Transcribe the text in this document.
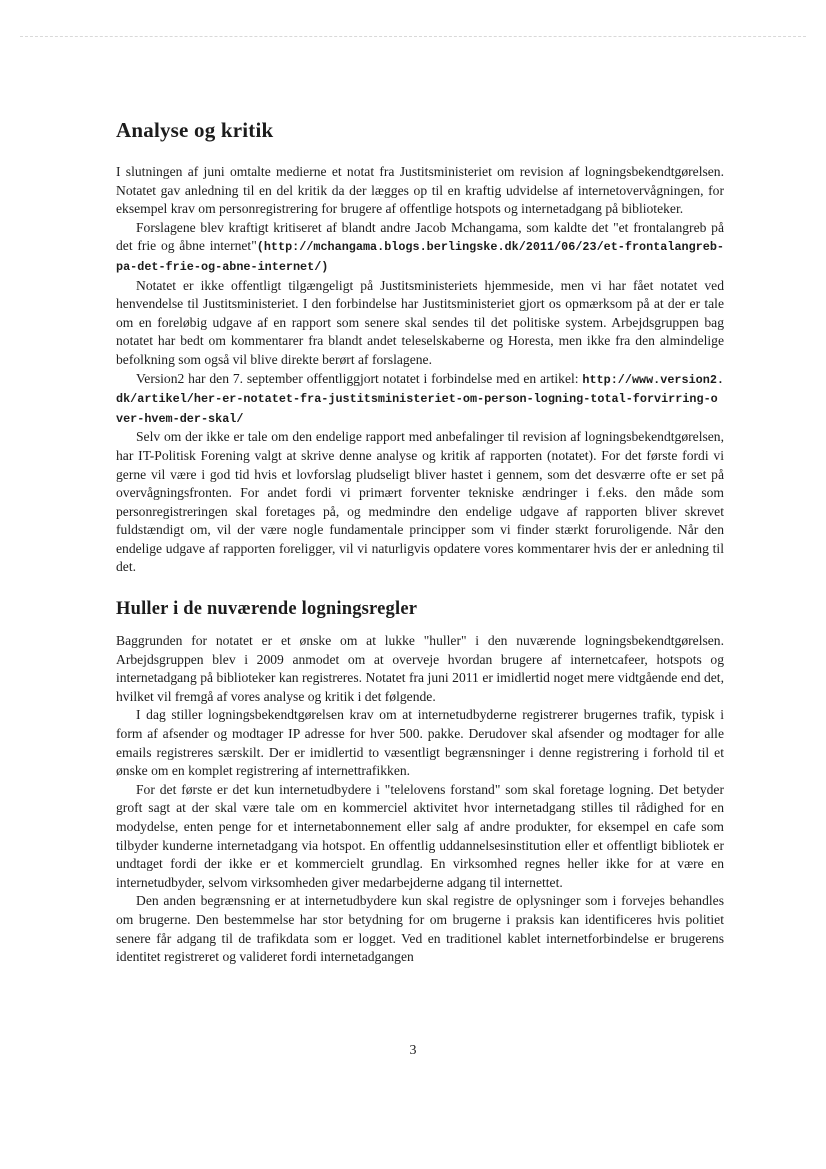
Analyse og kritik

I slutningen af juni omtalte medierne et notat fra Justitsministeriet om revision af logningsbekendtgørelsen. Notatet gav anledning til en del kritik da der lægges op til en kraftig udvidelse af internetovervågningen, for eksempel krav om personregistrering for brugere af offentlige hotspots og internetadgang på biblioteker.

Forslagene blev kraftigt kritiseret af blandt andre Jacob Mchangama, som kaldte det "et frontalangreb på det frie og åbne internet"(http://mchangama.blogs.berlingske.dk/2011/06/23/et-frontalangreb-pa-det-frie-og-abne-internet/)

Notatet er ikke offentligt tilgængeligt på Justitsministeriets hjemmeside, men vi har fået notatet ved henvendelse til Justitsministeriet. I den forbindelse har Justitsministeriet gjort os opmærksom på at der er tale om en foreløbig udgave af en rapport som senere skal sendes til det politiske system. Arbejdsgruppen bag notatet har bedt om kommentarer fra blandt andet teleselskaberne og Horesta, men ikke fra den almindelige befolkning som også vil blive direkte berørt af forslagene.

Version2 har den 7. september offentliggjort notatet i forbindelse med en artikel: http://www.version2.dk/artikel/her-er-notatet-fra-justitsministeriet-om-person-logning-total-forvirring-over-hvem-der-skal/

Selv om der ikke er tale om den endelige rapport med anbefalinger til revision af logningsbekendtgørelsen, har IT-Politisk Forening valgt at skrive denne analyse og kritik af rapporten (notatet). For det første fordi vi gerne vil være i god tid hvis et lovforslag pludseligt bliver hastet i gennem, som det desværre ofte er set på overvågningsfronten. For andet fordi vi primært forventer tekniske ændringer i f.eks. den måde som personregistreringen skal foretages på, og medmindre den endelige udgave af rapporten bliver skrevet fuldstændigt om, vil der være nogle fundamentale principper som vi finder stærkt foruroligende. Når den endelige udgave af rapporten foreligger, vil vi naturligvis opdatere vores kommentarer hvis der er anledning til det.

Huller i de nuværende logningsregler

Baggrunden for notatet er et ønske om at lukke "huller" i den nuværende logningsbekendtgørelsen. Arbejdsgruppen blev i 2009 anmodet om at overveje hvordan brugere af internetcafeer, hotspots og internetadgang på biblioteker kan registreres. Notatet fra juni 2011 er imidlertid noget mere vidtgående end det, hvilket vil fremgå af vores analyse og kritik i det følgende.

I dag stiller logningsbekendtgørelsen krav om at internetudbyderne registrerer brugernes trafik, typisk i form af afsender og modtager IP adresse for hver 500. pakke. Derudover skal afsender og modtager for alle emails registreres særskilt. Der er imidlertid to væsentligt begrænsninger i denne registrering i forhold til et ønske om en komplet registrering af internettrafikken.

For det første er det kun internetudbydere i "telelovens forstand" som skal foretage logning. Det betyder groft sagt at der skal være tale om en kommerciel aktivitet hvor internetadgang stilles til rådighed for en modydelse, enten penge for et internetabonnement eller salg af andre produkter, for eksempel en cafe som tilbyder kunderne internetadgang via hotspot. En offentlig uddannelsesinstitution eller et offentligt bibliotek er undtaget fordi der ikke er et kommercielt grundlag. En virksomhed regnes heller ikke for at være en internetudbyder, selvom virksomheden giver medarbejderne adgang til internettet.

Den anden begrænsning er at internetudbydere kun skal registre de oplysninger som i forvejes behandles om brugerne. Den bestemmelse har stor betydning for om brugerne i praksis kan identificeres hvis politiet senere får adgang til de trafikdata som er logget. Ved en traditionel kablet internetforbindelse er brugerens identitet registreret og valideret fordi internetadgangen

3
